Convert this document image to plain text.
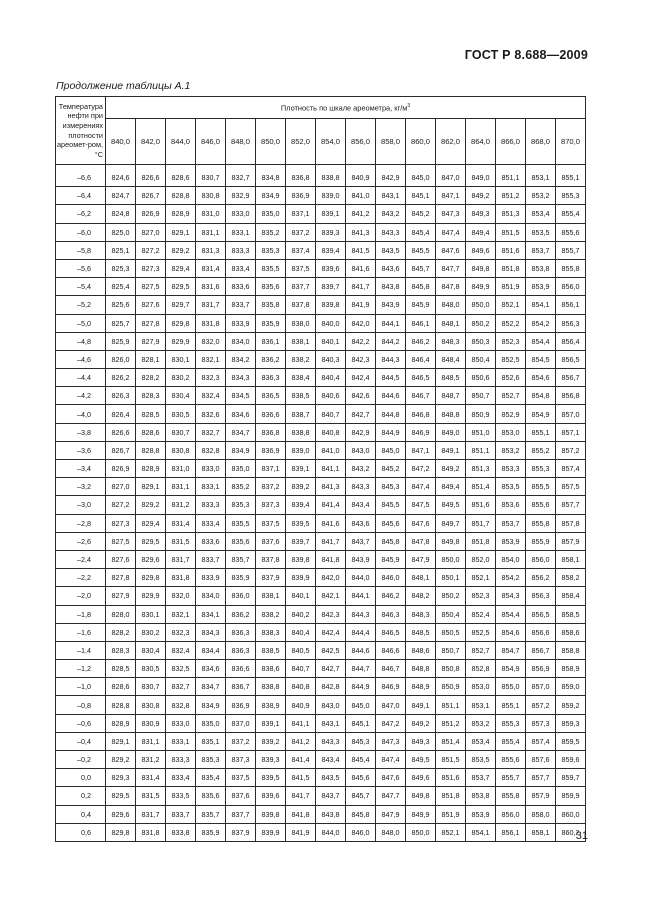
ГОСТ Р 8.688—2009
Продолжение таблицы А.1
Температура нефти при измерениях плотности ареомет-ром, °C	Плотность по шкале ареометра, $кг/м^3$
	840,0	842,0	844,0	846,0	848,0	850,0	852,0	854,0	856,0	858,0	860,0	862,0	864,0	866,0	868,0	870,0
–6,6	824,6	826,6	828,6	830,7	832,7	834,8	836,8	838,8	840,9	842,9	845,0	847,0	849,0	851,1	853,1	855,1
–6,4	824,7	826,7	828,8	830,8	832,9	834,9	836,9	839,0	841,0	843,1	845,1	847,1	849,2	851,2	853,2	855,3
–6,2	824,8	826,9	828,9	831,0	833,0	835,0	837,1	839,1	841,2	843,2	845,2	847,3	849,3	851,3	853,4	855,4
–6,0	825,0	827,0	829,1	831,1	833,1	835,2	837,2	839,3	841,3	843,3	845,4	847,4	849,4	851,5	853,5	855,6
–5,8	825,1	827,2	829,2	831,3	833,3	835,3	837,4	839,4	841,5	843,5	845,5	847,6	849,6	851,6	853,7	855,7
–5,6	825,3	827,3	829,4	831,4	833,4	835,5	837,5	839,6	841,6	843,6	845,7	847,7	849,8	851,8	853,8	855,8
–5,4	825,4	827,5	829,5	831,6	833,6	835,6	837,7	839,7	841,7	843,8	845,8	847,8	849,9	851,9	853,9	856,0
–5,2	825,6	827,6	829,7	831,7	833,7	835,8	837,8	839,8	841,9	843,9	845,9	848,0	850,0	852,1	854,1	856,1
–5,0	825,7	827,8	829,8	831,8	833,9	835,9	838,0	840,0	842,0	844,1	846,1	848,1	850,2	852,2	854,2	856,3
–4,8	825,9	827,9	829,9	832,0	834,0	836,1	838,1	840,1	842,2	844,2	846,2	848,3	850,3	852,3	854,4	856,4
–4,6	826,0	828,1	830,1	832,1	834,2	836,2	838,2	840,3	842,3	844,3	846,4	848,4	850,4	852,5	854,5	856,5
–4,4	826,2	828,2	830,2	832,3	834,3	836,3	838,4	840,4	842,4	844,5	846,5	848,5	850,6	852,6	854,6	856,7
–4,2	826,3	828,3	830,4	832,4	834,5	836,5	838,5	840,6	842,6	844,6	846,7	848,7	850,7	852,7	854,8	856,8
–4,0	826,4	828,5	830,5	832,6	834,6	836,6	838,7	840,7	842,7	844,8	846,8	848,8	850,9	852,9	854,9	857,0
–3,8	826,6	828,6	830,7	832,7	834,7	836,8	838,8	840,8	842,9	844,9	846,9	849,0	851,0	853,0	855,1	857,1
–3,6	826,7	828,8	830,8	832,8	834,9	836,9	839,0	841,0	843,0	845,0	847,1	849,1	851,1	853,2	855,2	857,2
–3,4	826,9	828,9	831,0	833,0	835,0	837,1	839,1	841,1	843,2	845,2	847,2	849,2	851,3	853,3	855,3	857,4
–3,2	827,0	829,1	831,1	833,1	835,2	837,2	839,2	841,3	843,3	845,3	847,4	849,4	851,4	853,5	855,5	857,5
–3,0	827,2	829,2	831,2	833,3	835,3	837,3	839,4	841,4	843,4	845,5	847,5	849,5	851,6	853,6	855,6	857,7
–2,8	827,3	829,4	831,4	833,4	835,5	837,5	839,5	841,6	843,6	845,6	847,6	849,7	851,7	853,7	855,8	857,8
–2,6	827,5	829,5	831,5	833,6	835,6	837,6	839,7	841,7	843,7	845,8	847,8	849,8	851,8	853,9	855,9	857,9
–2,4	827,6	829,6	831,7	833,7	835,7	837,8	839,8	841,8	843,9	845,9	847,9	850,0	852,0	854,0	856,0	858,1
–2,2	827,8	829,8	831,8	833,9	835,9	837,9	839,9	842,0	844,0	846,0	848,1	850,1	852,1	854,2	856,2	858,2
–2,0	827,9	829,9	832,0	834,0	836,0	838,1	840,1	842,1	844,1	846,2	848,2	850,2	852,3	854,3	856,3	858,4
–1,8	828,0	830,1	832,1	834,1	836,2	838,2	840,2	842,3	844,3	846,3	848,3	850,4	852,4	854,4	856,5	858,5
–1,6	828,2	830,2	832,3	834,3	836,3	838,3	840,4	842,4	844,4	846,5	848,5	850,5	852,5	854,6	856,6	858,6
–1,4	828,3	830,4	832,4	834,4	836,3	838,5	840,5	842,5	844,6	846,6	848,6	850,7	852,7	854,7	856,7	858,8
–1,2	828,5	830,5	832,5	834,6	836,6	838,6	840,7	842,7	844,7	846,7	848,8	850,8	852,8	854,9	856,9	858,9
–1,0	828,6	830,7	832,7	834,7	836,7	838,8	840,8	842,8	844,9	846,9	848,9	850,9	853,0	855,0	857,0	859,0
–0,8	828,8	830,8	832,8	834,9	836,9	838,9	840,9	843,0	845,0	847,0	849,1	851,1	853,1	855,1	857,2	859,2
–0,6	828,9	830,9	833,0	835,0	837,0	839,1	841,1	843,1	845,1	847,2	849,2	851,2	853,2	855,3	857,3	859,3
–0,4	829,1	831,1	833,1	835,1	837,2	839,2	841,2	843,3	845,3	847,3	849,3	851,4	853,4	855,4	857,4	859,5
–0,2	829,2	831,2	833,3	835,3	837,3	839,3	841,4	843,4	845,4	847,4	849,5	851,5	853,5	855,6	857,6	859,6
0,0	829,3	831,4	833,4	835,4	837,5	839,5	841,5	843,5	845,6	847,6	849,6	851,6	853,7	855,7	857,7	859,7
0,2	829,5	831,5	833,5	835,6	837,6	839,6	841,7	843,7	845,7	847,7	849,8	851,8	853,8	855,8	857,9	859,9
0,4	829,6	831,7	833,7	835,7	837,7	839,8	841,8	843,8	845,8	847,9	849,9	851,9	853,9	856,0	858,0	860,0
0,6	829,8	831,8	833,8	835,9	837,9	839,9	841,9	844,0	846,0	848,0	850,0	852,1	854,1	856,1	858,1	860,2
31
